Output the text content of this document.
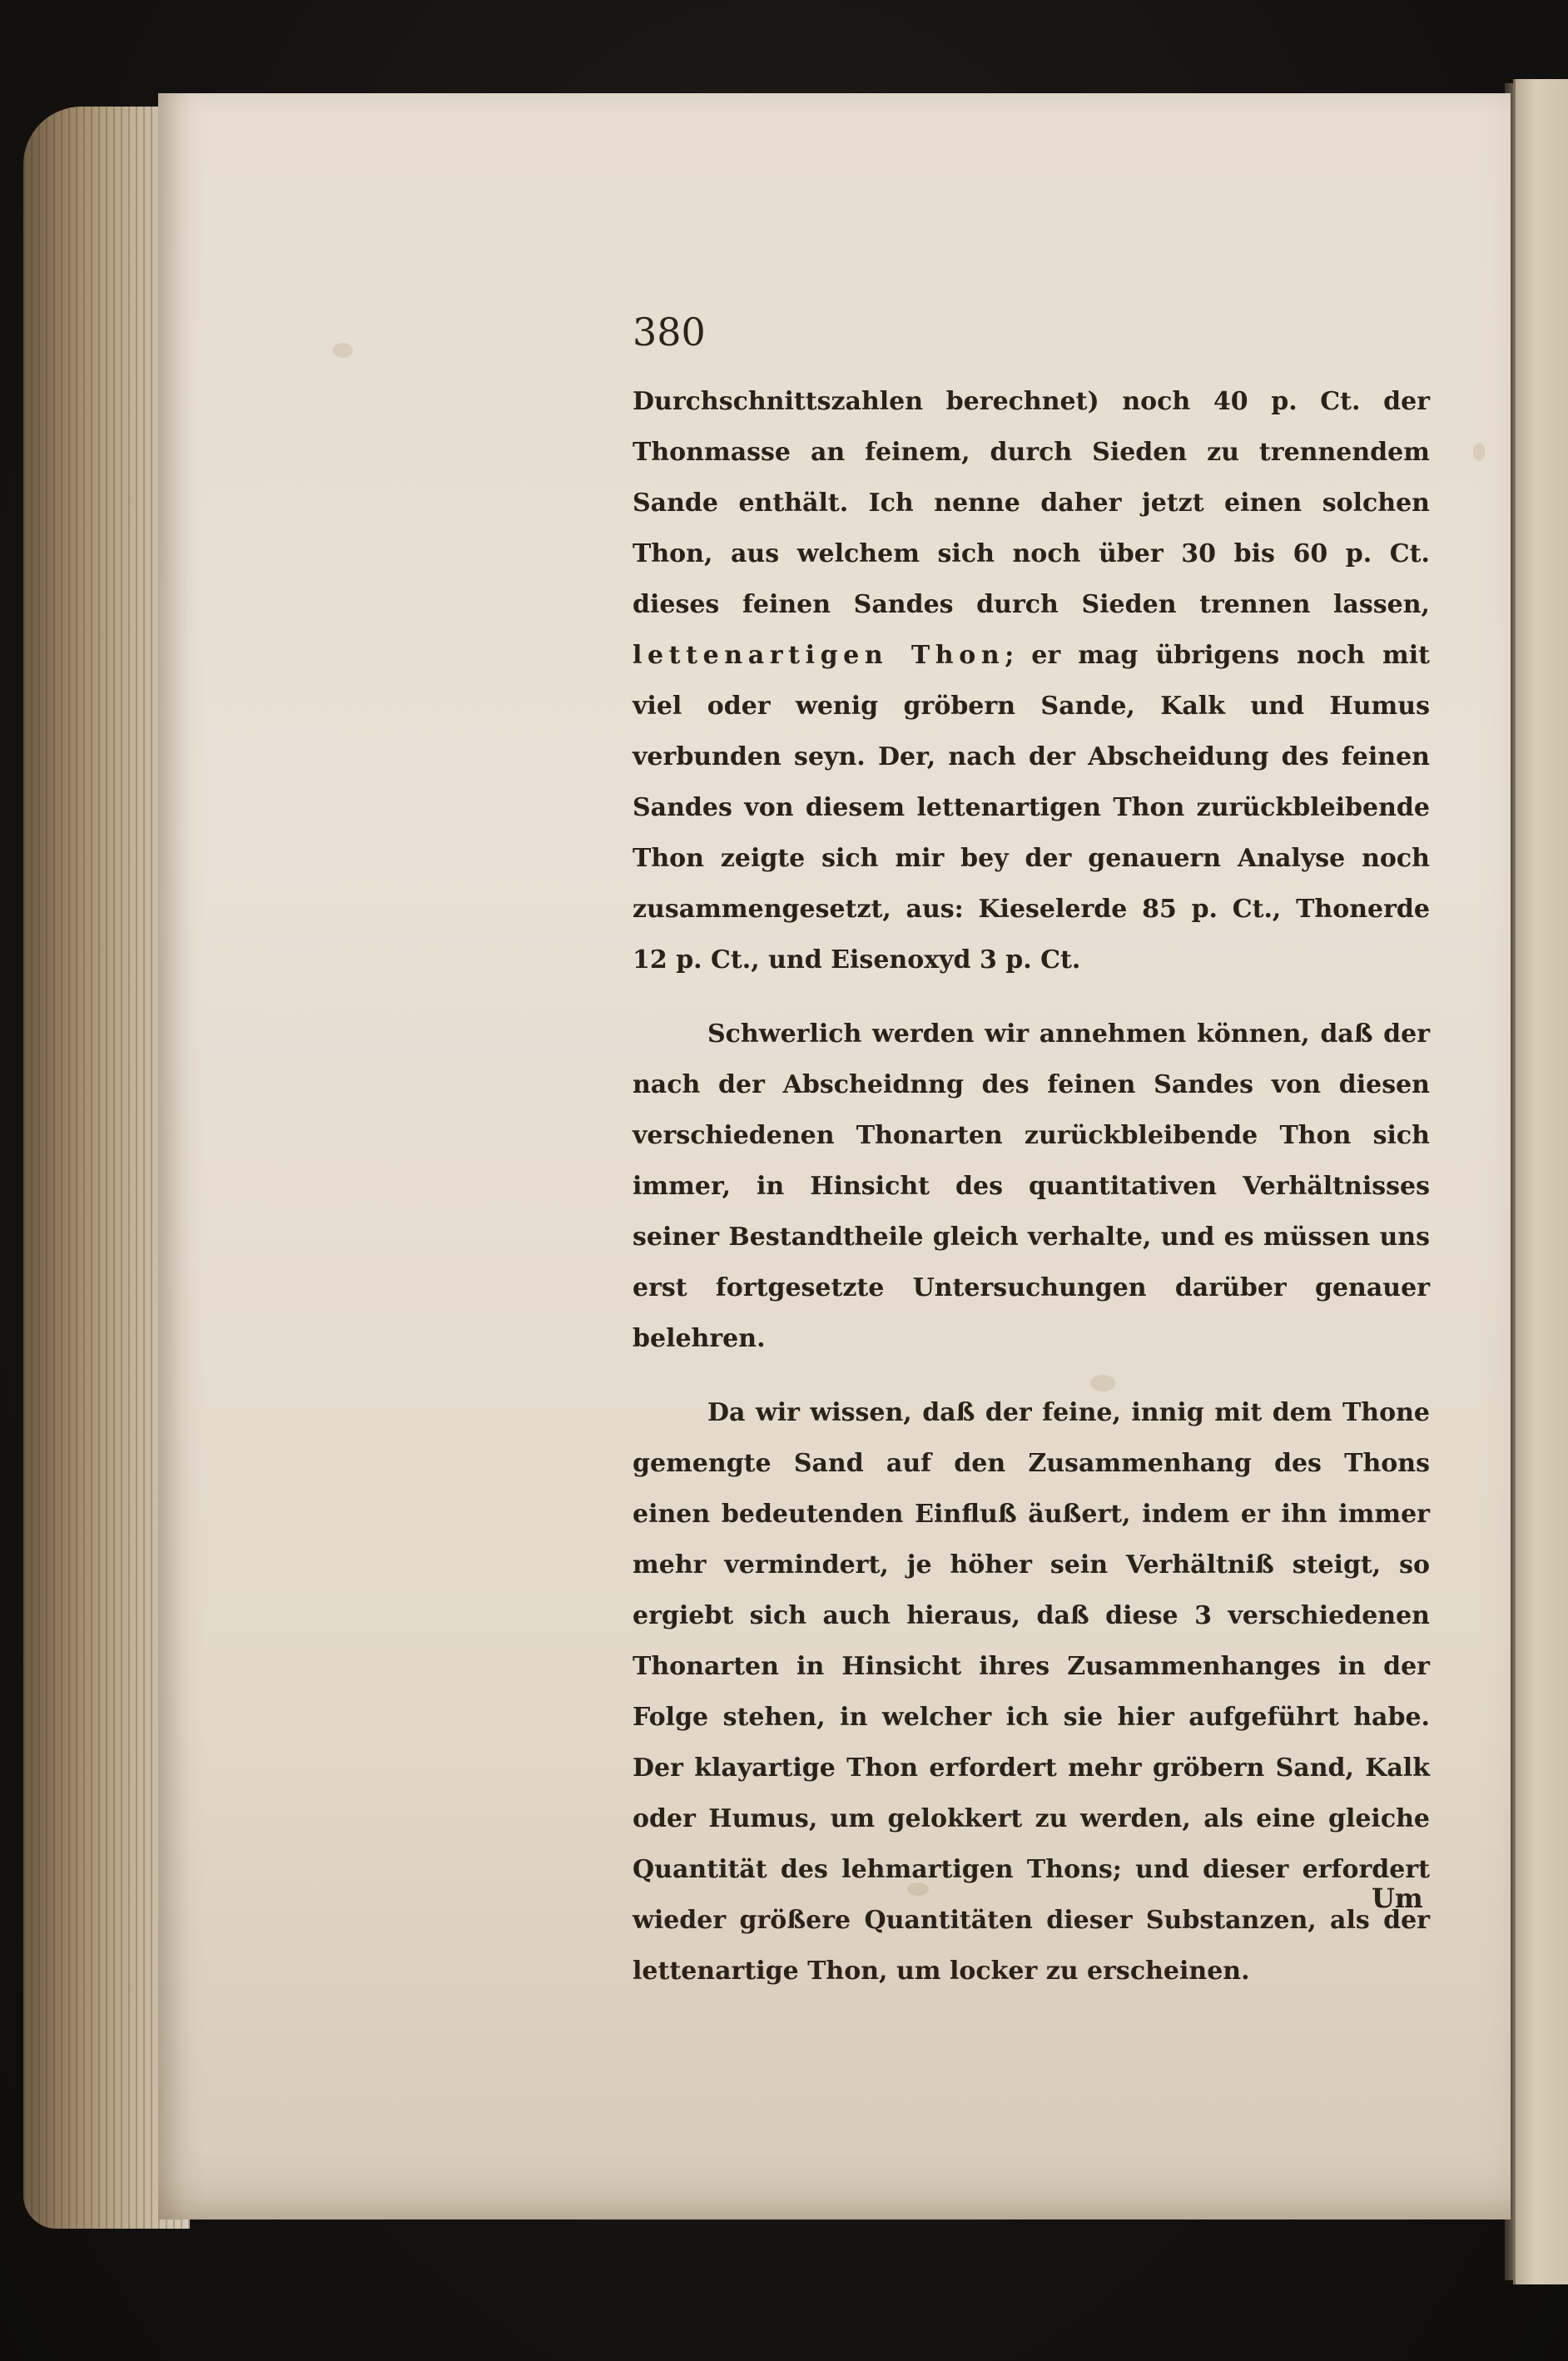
380

Durchschnittszahlen berechnet) noch 40 p. Ct. der Thonmasse an feinem, durch Sieden zu trennendem Sande enthält. Ich nenne daher jetzt einen solchen Thon, aus welchem sich noch über 30 bis 60 p. Ct. dieses feinen Sandes durch Sieden trennen lassen, lettenartigen Thon; er mag übrigens noch mit viel oder wenig gröbern Sande, Kalk und Humus verbunden seyn. Der, nach der Abscheidung des feinen Sandes von diesem lettenartigen Thon zurückbleibende Thon zeigte sich mir bey der genauern Analyse noch zusammengesetzt, aus: Kieselerde 85 p. Ct., Thonerde 12 p. Ct., und Eisenoxyd 3 p. Ct.

Schwerlich werden wir annehmen können, daß der nach der Abscheidnng des feinen Sandes von diesen verschiedenen Thonarten zurückbleibende Thon sich immer, in Hinsicht des quantitativen Verhältnisses seiner Bestandtheile gleich verhalte, und es müssen uns erst fortgesetzte Untersuchungen darüber genauer belehren.

Da wir wissen, daß der feine, innig mit dem Thone gemengte Sand auf den Zusammenhang des Thons einen bedeutenden Einfluß äußert, indem er ihn immer mehr vermindert, je höher sein Verhältniß steigt, so ergiebt sich auch hieraus, daß diese 3 verschiedenen Thonarten in Hinsicht ihres Zusammenhanges in der Folge stehen, in welcher ich sie hier aufgeführt habe. Der klayartige Thon erfordert mehr gröbern Sand, Kalk oder Humus, um gelokkert zu werden, als eine gleiche Quantität des lehmartigen Thons; und dieser erfordert wieder größere Quantitäten dieser Substanzen, als der lettenartige Thon, um locker zu erscheinen.

Um
